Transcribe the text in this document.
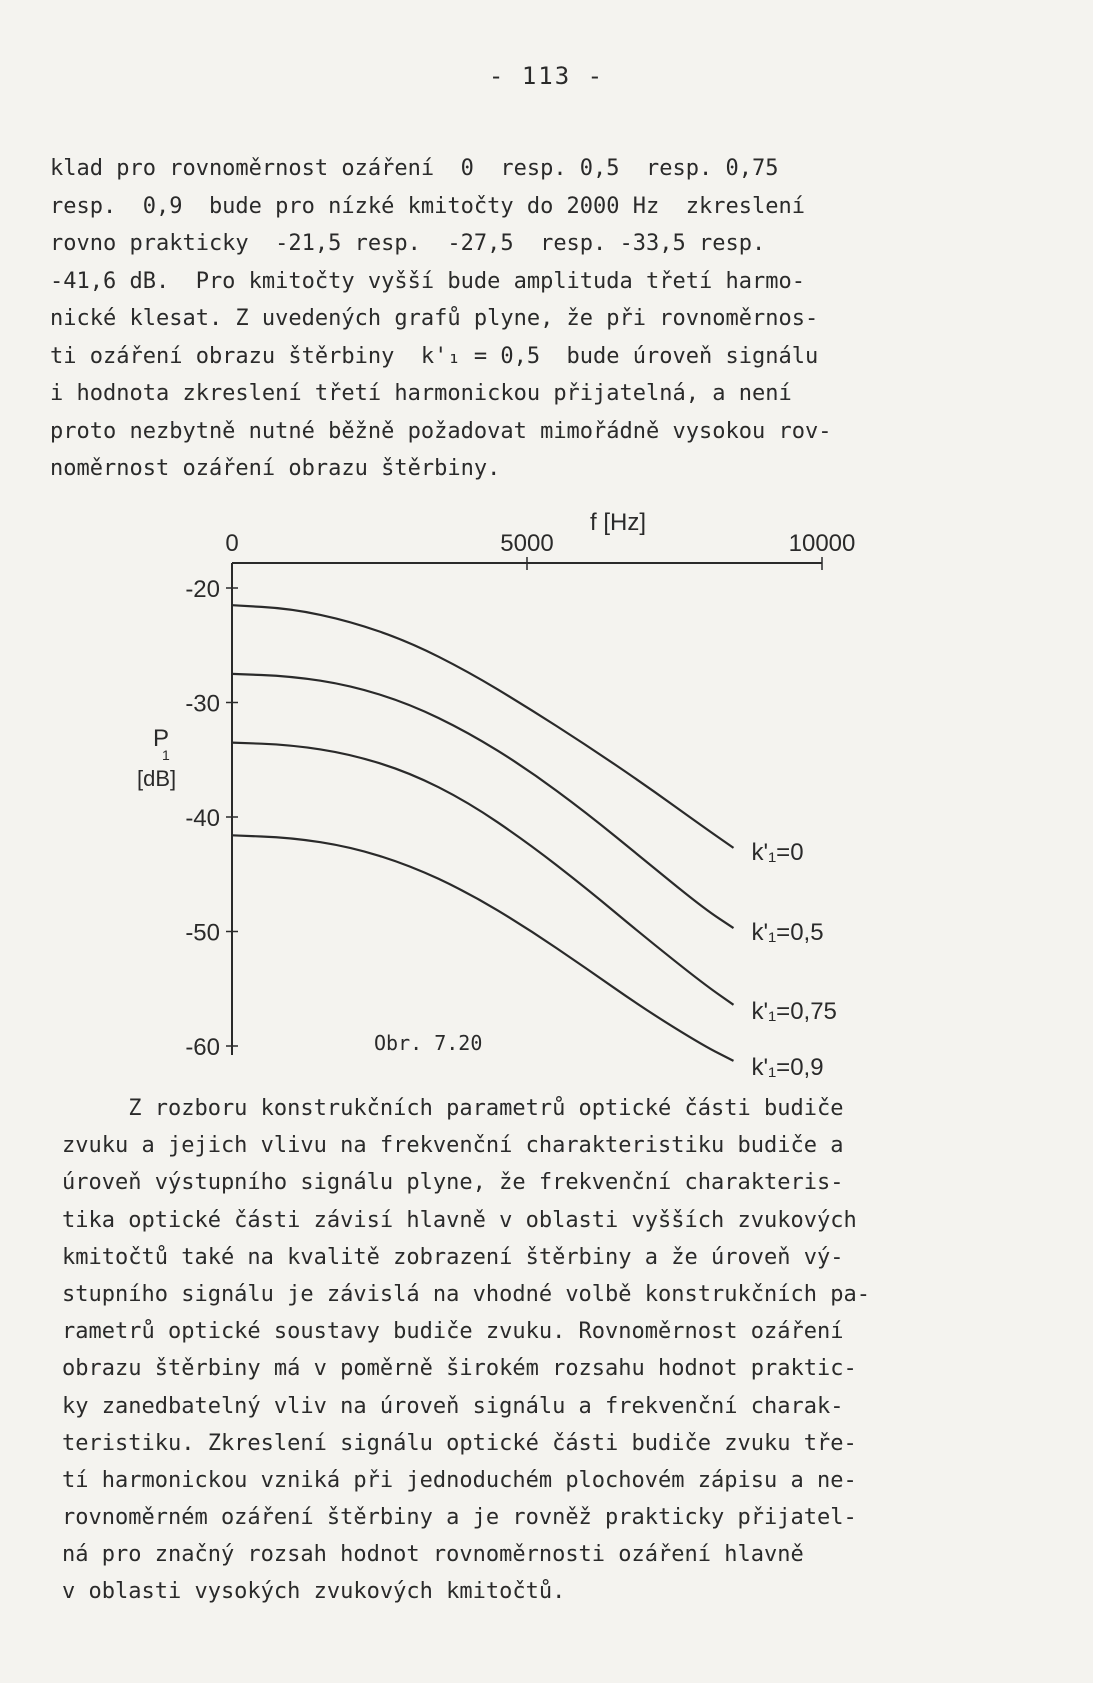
- 113 -
klad pro rovnoměrnost ozáření  0  resp. 0,5  resp. 0,75
resp.  0,9  bude pro nízké kmitočty do 2000 Hz  zkreslení
rovno prakticky  -21,5 resp.  -27,5  resp. -33,5 resp.
-41,6 dB.  Pro kmitočty vyšší bude amplituda třetí harmo-
nické klesat. Z uvedených grafů plyne, že při rovnoměrnos-
ti ozáření obrazu štěrbiny  k'₁ = 0,5  bude úroveň signálu
i hodnota zkreslení třetí harmonickou přijatelná, a není
proto nezbytně nutné běžně požadovat mimořádně vysokou rov-
noměrnost ozáření obrazu štěrbiny.
0	5000	10000
-20
-30
-40
-50
-60
k'₁=0
k'₁=0,5
k'₁=0,75
k'₁=0,9
f [Hz]
P
1
[dB]
Obr. 7.20
Z rozboru konstrukčních parametrů optické části budiče
zvuku a jejich vlivu na frekvenční charakteristiku budiče a
úroveň výstupního signálu plyne, že frekvenční charakteris-
tika optické části závisí hlavně v oblasti vyšších zvukových
kmitočtů také na kvalitě zobrazení štěrbiny a že úroveň vý-
stupního signálu je závislá na vhodné volbě konstrukčních pa-
rametrů optické soustavy budiče zvuku. Rovnoměrnost ozáření
obrazu štěrbiny má v poměrně širokém rozsahu hodnot praktic-
ky zanedbatelný vliv na úroveň signálu a frekvenční charak-
teristiku. Zkreslení signálu optické části budiče zvuku tře-
tí harmonickou vzniká při jednoduchém plochovém zápisu a ne-
rovnoměrném ozáření štěrbiny a je rovněž prakticky přijatel-
ná pro značný rozsah hodnot rovnoměrnosti ozáření hlavně
v oblasti vysokých zvukových kmitočtů.
